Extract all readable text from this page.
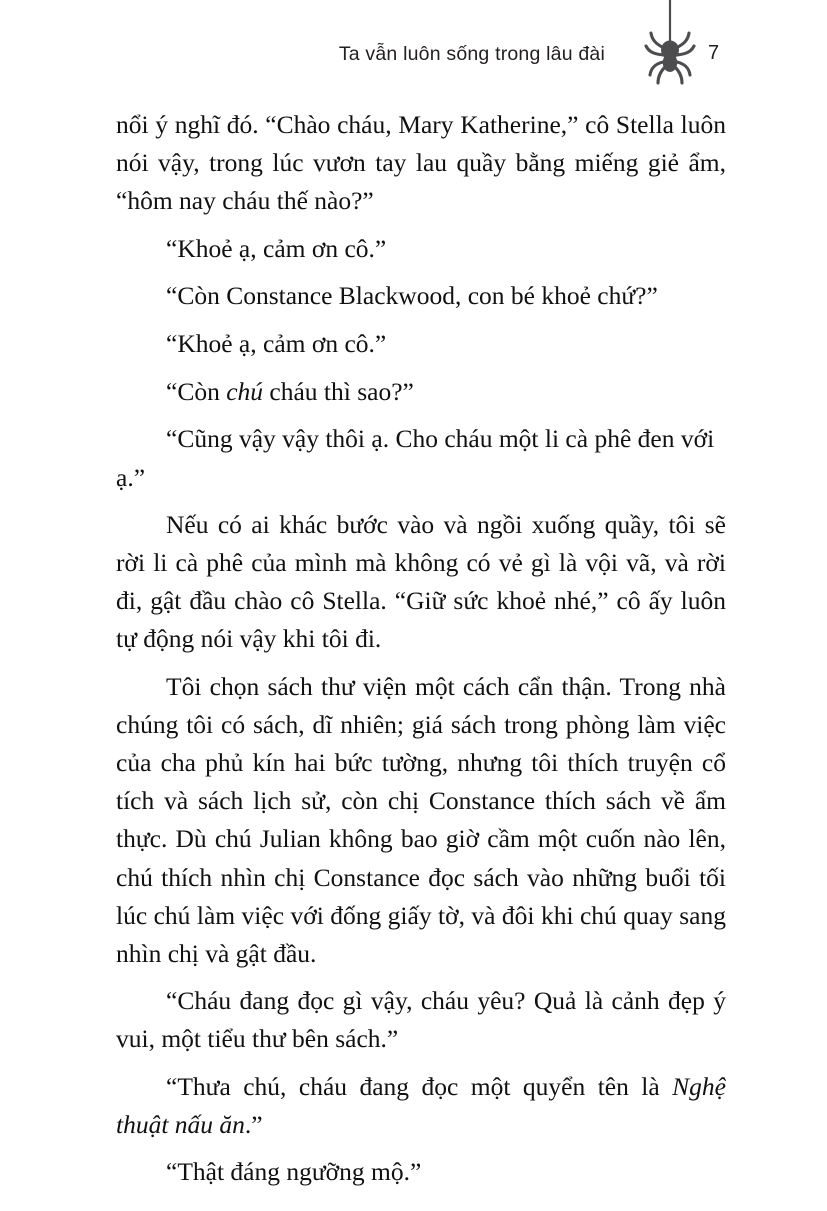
Ta vẫn luôn sống trong lâu đài	7

nổi ý nghĩ đó. “Chào cháu, Mary Katherine,” cô Stella luôn nói vậy, trong lúc vươn tay lau quầy bằng miếng giẻ ẩm, “hôm nay cháu thế nào?”

“Khoẻ ạ, cảm ơn cô.”

“Còn Constance Blackwood, con bé khoẻ chứ?”

“Khoẻ ạ, cảm ơn cô.”

“Còn chú cháu thì sao?”

“Cũng vậy vậy thôi ạ. Cho cháu một li cà phê đen với ạ.”

Nếu có ai khác bước vào và ngồi xuống quầy, tôi sẽ rời li cà phê của mình mà không có vẻ gì là vội vã, và rời đi, gật đầu chào cô Stella. “Giữ sức khoẻ nhé,” cô ấy luôn tự động nói vậy khi tôi đi.

Tôi chọn sách thư viện một cách cẩn thận. Trong nhà chúng tôi có sách, dĩ nhiên; giá sách trong phòng làm việc của cha phủ kín hai bức tường, nhưng tôi thích truyện cổ tích và sách lịch sử, còn chị Constance thích sách về ẩm thực. Dù chú Julian không bao giờ cầm một cuốn nào lên, chú thích nhìn chị Constance đọc sách vào những buổi tối lúc chú làm việc với đống giấy tờ, và đôi khi chú quay sang nhìn chị và gật đầu.

“Cháu đang đọc gì vậy, cháu yêu? Quả là cảnh đẹp ý vui, một tiểu thư bên sách.”

“Thưa chú, cháu đang đọc một quyển tên là Nghệ thuật nấu ăn.”

“Thật đáng ngưỡng mộ.”
